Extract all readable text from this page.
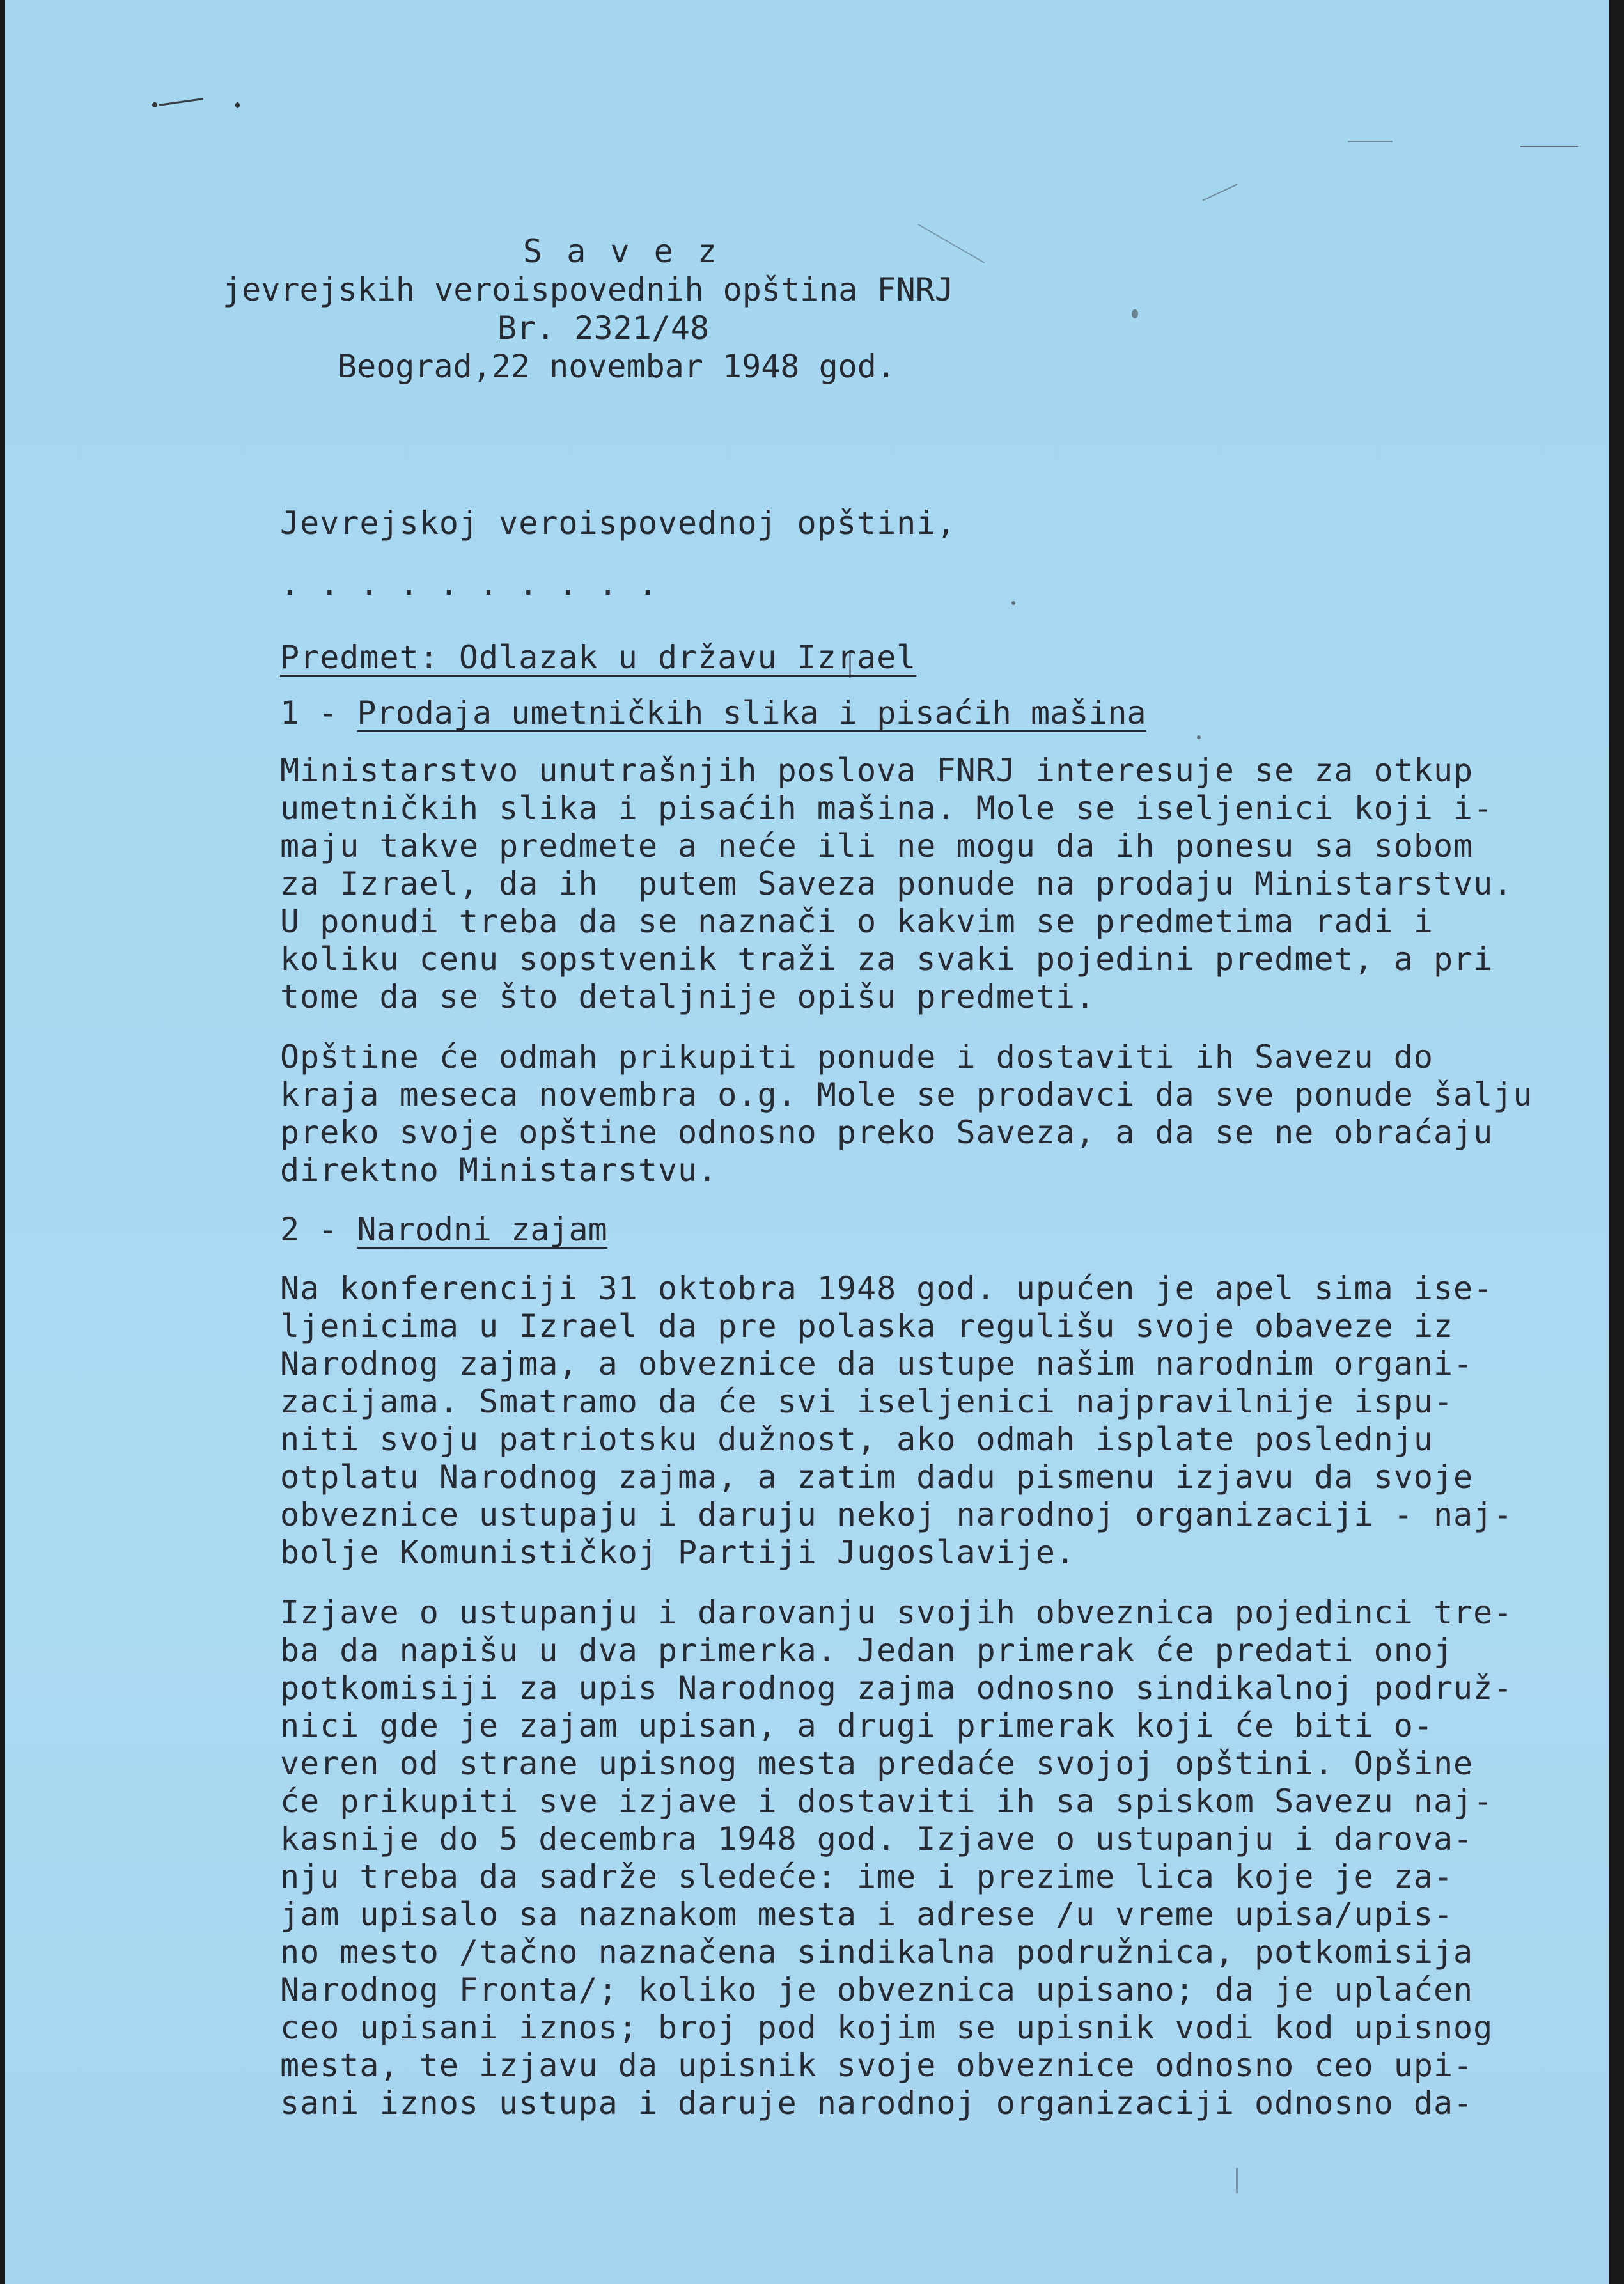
S a v e z

jevrejskih veroispovednih opština FNRJ

Br. 2321/48

Beograd,22 novembar 1948 god.

Jevrejskoj veroispovednoj opštini,

. . . . . . . . . .

Predmet: Odlazak u državu Izrael

1 - Prodaja umetničkih slika i pisaćih mašina

Ministarstvo unutrašnjih poslova FNRJ interesuje se za otkup

umetničkih slika i pisaćih mašina. Mole se iseljenici koji i-

maju takve predmete a neće ili ne mogu da ih ponesu sa sobom

za Izrael, da ih  putem Saveza ponude na prodaju Ministarstvu.

U ponudi treba da se naznači o kakvim se predmetima radi i

koliku cenu sopstvenik traži za svaki pojedini predmet, a pri

tome da se što detaljnije opišu predmeti.

Opštine će odmah prikupiti ponude i dostaviti ih Savezu do

kraja meseca novembra o.g. Mole se prodavci da sve ponude šalju

preko svoje opštine odnosno preko Saveza, a da se ne obraćaju

direktno Ministarstvu.

2 - Narodni zajam

Na konferenciji 31 oktobra 1948 god. upućen je apel sima ise-

ljenicima u Izrael da pre polaska regulišu svoje obaveze iz

Narodnog zajma, a obveznice da ustupe našim narodnim organi-

zacijama. Smatramo da će svi iseljenici najpravilnije ispu-

niti svoju patriotsku dužnost, ako odmah isplate poslednju

otplatu Narodnog zajma, a zatim dadu pismenu izjavu da svoje

obveznice ustupaju i daruju nekoj narodnoj organizaciji - naj-

bolje Komunističkoj Partiji Jugoslavije.

Izjave o ustupanju i darovanju svojih obveznica pojedinci tre-

ba da napišu u dva primerka. Jedan primerak će predati onoj

potkomisiji za upis Narodnog zajma odnosno sindikalnoj podruž-

nici gde je zajam upisan, a drugi primerak koji će biti o-

veren od strane upisnog mesta predaće svojoj opštini. Opšine

će prikupiti sve izjave i dostaviti ih sa spiskom Savezu naj-

kasnije do 5 decembra 1948 god. Izjave o ustupanju i darova-

nju treba da sadrže sledeće: ime i prezime lica koje je za-

jam upisalo sa naznakom mesta i adrese /u vreme upisa/upis-

no mesto /tačno naznačena sindikalna podružnica, potkomisija

Narodnog Fronta/; koliko je obveznica upisano; da je uplaćen

ceo upisani iznos; broj pod kojim se upisnik vodi kod upisnog

mesta, te izjavu da upisnik svoje obveznice odnosno ceo upi-

sani iznos ustupa i daruje narodnoj organizaciji odnosno da-
